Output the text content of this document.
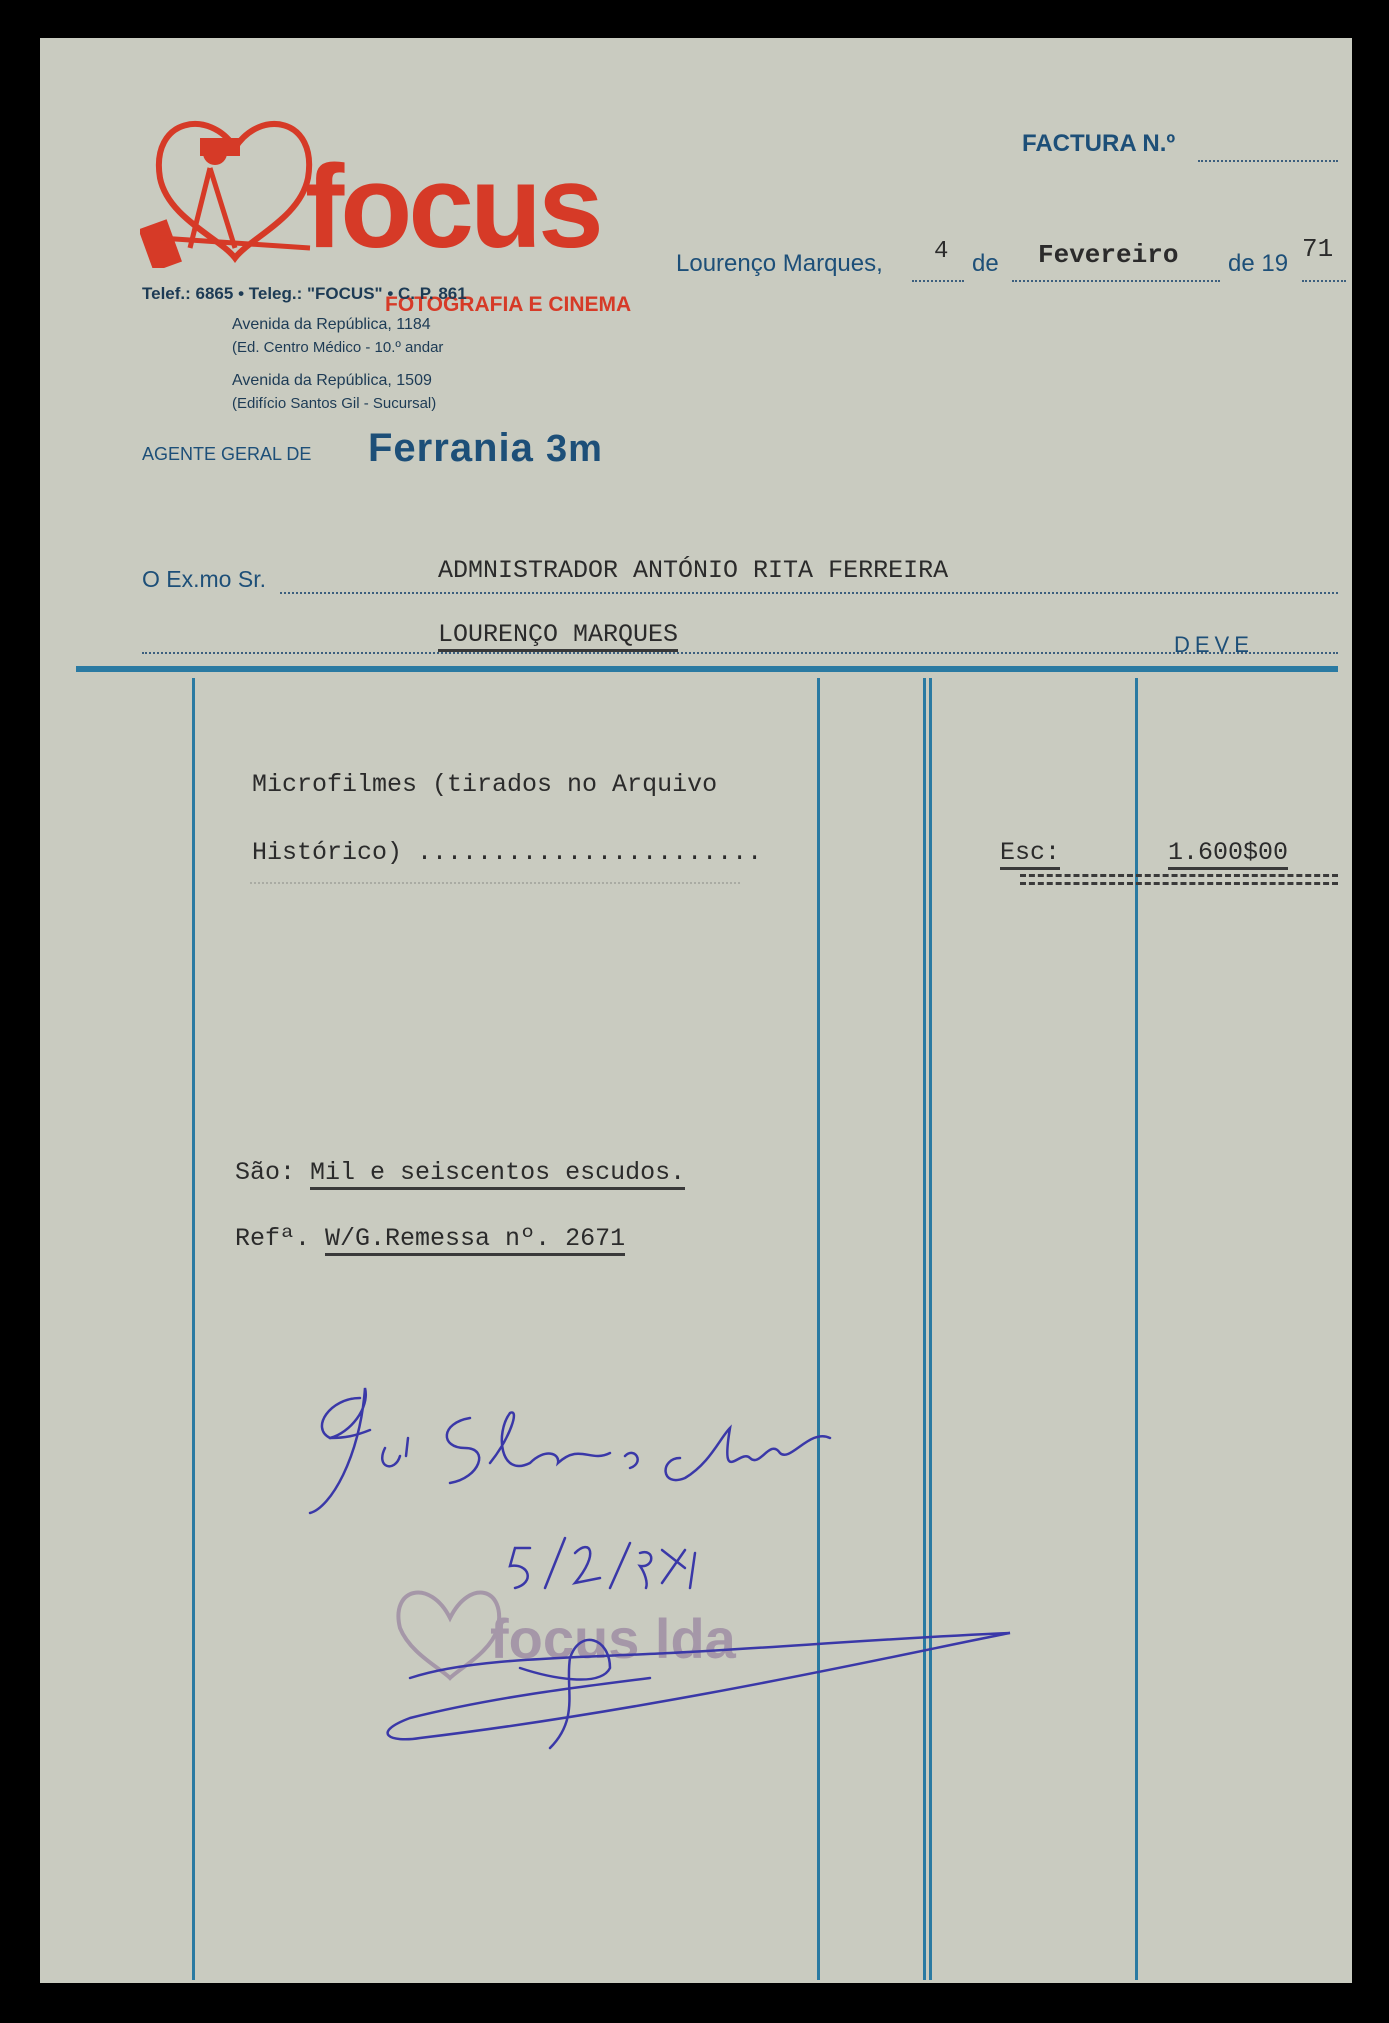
focus
FOTOGRAFIA E CINEMA
Telef.: 6865 • Teleg.: "FOCUS" • C. P. 861
Avenida da República, 1184
(Ed. Centro Médico - 10.º andar
Avenida da República, 1509
(Edifício Santos Gil - Sucursal)
AGENTE GERAL DE Ferrania 3m
FACTURA N.º
Lourenço Marques, 4 de Fevereiro de 19 71
O Ex.mo Sr.	ADMNISTRADOR ANTÓNIO RITA FERREIRA
LOURENÇO MARQUES	DEVE
Microfilmes (tirados no Arquivo
Histórico) .......................	Esc:	1.600$00
São: Mil e seiscentos escudos.
Refª. W/G.Remessa nº. 2671
Foi Selado e Assinado
5/2/971
focus lda
